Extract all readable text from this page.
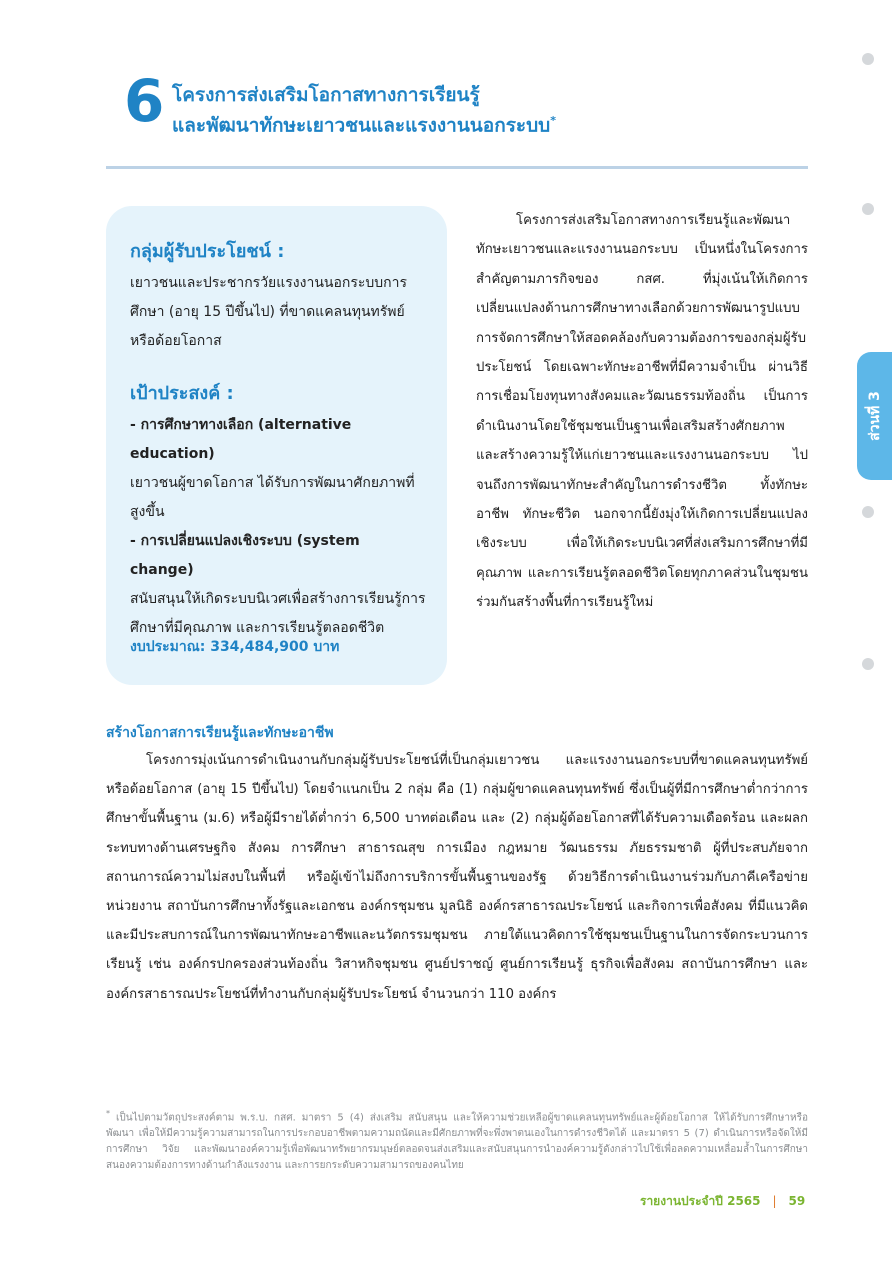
ส่วนที่ 3
6 โครงการส่งเสริมโอกาสทางการเรียนรู้
และพัฒนาทักษะเยาวชนและแรงงานนอกระบบ*
กลุ่มผู้รับประโยชน์ :

เยาวชนและประชากรวัยแรงงานนอกระบบการศึกษา (อายุ 15 ปีขึ้นไป) ที่ขาดแคลนทุนทรัพย์หรือด้อยโอกาส

เป้าประสงค์ :

- การศึกษาทางเลือก (alternative education)

เยาวชนผู้ขาดโอกาส ได้รับการพัฒนาศักยภาพที่สูงขึ้น

- การเปลี่ยนแปลงเชิงระบบ (system change)

สนับสนุนให้เกิดระบบนิเวศเพื่อสร้างการเรียนรู้การศึกษาที่มีคุณภาพ และการเรียนรู้ตลอดชีวิต

งบประมาณ: 334,484,900 บาท

โครงการส่งเสริมโอกาสทางการเรียนรู้และพัฒนาทักษะเยาวชนและแรงงานนอกระบบ เป็นหนึ่งในโครงการสำคัญตามภารกิจของ กสศ. ที่มุ่งเน้นให้เกิดการเปลี่ยนแปลงด้านการศึกษาทางเลือกด้วยการพัฒนารูปแบบการจัดการศึกษาให้สอดคล้องกับความต้องการของกลุ่มผู้รับประโยชน์ โดยเฉพาะทักษะอาชีพที่มีความจำเป็น ผ่านวิธีการเชื่อมโยงทุนทางสังคมและวัฒนธรรมท้องถิ่น เป็นการดำเนินงานโดยใช้ชุมชนเป็นฐานเพื่อเสริมสร้างศักยภาพและสร้างความรู้ให้แก่เยาวชนและแรงงานนอกระบบ ไปจนถึงการพัฒนาทักษะสำคัญในการดำรงชีวิต ทั้งทักษะอาชีพ ทักษะชีวิต นอกจากนี้ยังมุ่งให้เกิดการเปลี่ยนแปลงเชิงระบบ เพื่อให้เกิดระบบนิเวศที่ส่งเสริมการศึกษาที่มีคุณภาพ และการเรียนรู้ตลอดชีวิตโดยทุกภาคส่วนในชุมชนร่วมกันสร้างพื้นที่การเรียนรู้ใหม่

สร้างโอกาสการเรียนรู้และทักษะอาชีพ

โครงการมุ่งเน้นการดำเนินงานกับกลุ่มผู้รับประโยชน์ที่เป็นกลุ่มเยาวชน และแรงงานนอกระบบที่ขาดแคลนทุนทรัพย์หรือด้อยโอกาส (อายุ 15 ปีขึ้นไป) โดยจำแนกเป็น 2 กลุ่ม คือ (1) กลุ่มผู้ขาดแคลนทุนทรัพย์ ซึ่งเป็นผู้ที่มีการศึกษาต่ำกว่าการศึกษาขั้นพื้นฐาน (ม.6) หรือผู้มีรายได้ต่ำกว่า 6,500 บาทต่อเดือน และ (2) กลุ่มผู้ด้อยโอกาสที่ได้รับความเดือดร้อน และผลกระทบทางด้านเศรษฐกิจ สังคม การศึกษา สาธารณสุข การเมือง กฎหมาย วัฒนธรรม ภัยธรรมชาติ ผู้ที่ประสบภัยจากสถานการณ์ความไม่สงบในพื้นที่ หรือผู้เข้าไม่ถึงการบริการขั้นพื้นฐานของรัฐ ด้วยวิธีการดำเนินงานร่วมกับภาคีเครือข่าย หน่วยงาน สถาบันการศึกษาทั้งรัฐและเอกชน องค์กรชุมชน มูลนิธิ องค์กรสาธารณประโยชน์ และกิจการเพื่อสังคม ที่มีแนวคิดและมีประสบการณ์ในการพัฒนาทักษะอาชีพและนวัตกรรมชุมชน ภายใต้แนวคิดการใช้ชุมชนเป็นฐานในการจัดกระบวนการเรียนรู้ เช่น องค์กรปกครองส่วนท้องถิ่น วิสาหกิจชุมชน ศูนย์ปราชญ์ ศูนย์การเรียนรู้ ธุรกิจเพื่อสังคม สถาบันการศึกษา และองค์กรสาธารณประโยชน์ที่ทำงานกับกลุ่มผู้รับประโยชน์ จำนวนกว่า 110 องค์กร

* เป็นไปตามวัตถุประสงค์ตาม พ.ร.บ. กสศ. มาตรา 5 (4) ส่งเสริม สนับสนุน และให้ความช่วยเหลือผู้ขาดแคลนทุนทรัพย์และผู้ด้อยโอกาส ให้ได้รับการศึกษาหรือพัฒนา เพื่อให้มีความรู้ความสามารถในการประกอบอาชีพตามความถนัดและมีศักยภาพที่จะพึ่งพาตนเองในการดำรงชีวิตได้ และมาตรา 5 (7) ดำเนินการหรือจัดให้มีการศึกษา วิจัย และพัฒนาองค์ความรู้เพื่อพัฒนาทรัพยากรมนุษย์ตลอดจนส่งเสริมและสนับสนุนการนำองค์ความรู้ดังกล่าวไปใช้เพื่อลดความเหลื่อมล้ำในการศึกษาสนองความต้องการทางด้านกำลังแรงงาน และการยกระดับความสามารถของคนไทย
รายงานประจำปี 2565 | 59
